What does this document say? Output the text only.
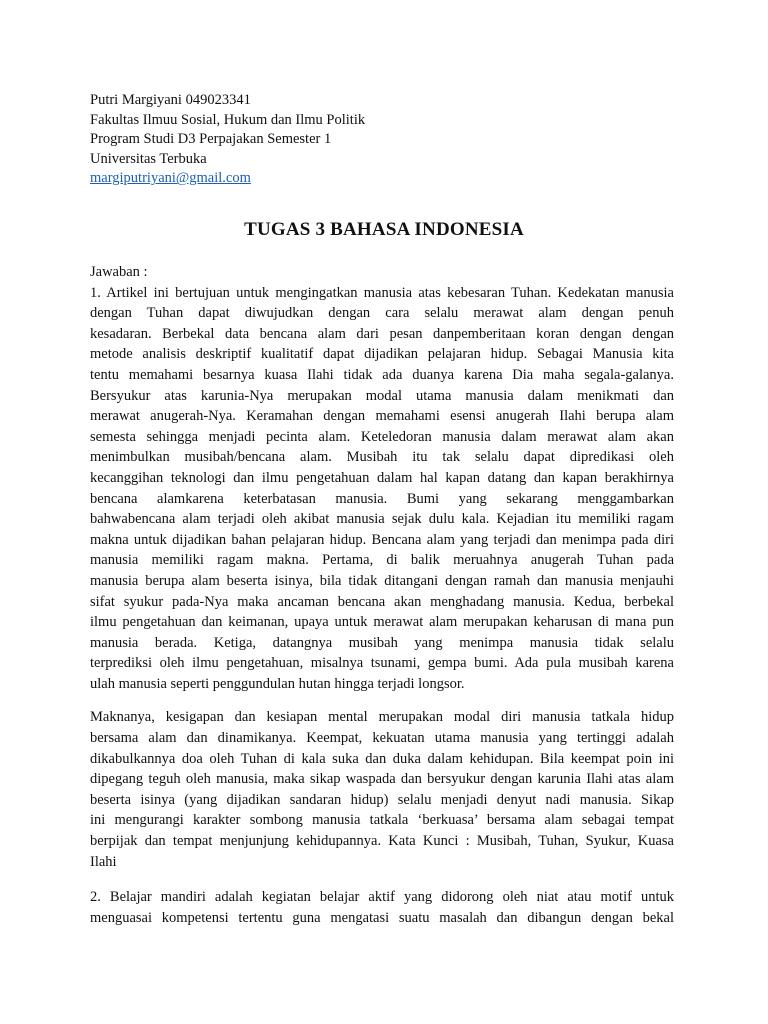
Putri Margiyani 049023341
Fakultas Ilmuu Sosial, Hukum dan Ilmu Politik
Program Studi D3 Perpajakan Semester 1
Universitas Terbuka
margiputriyani@gmail.com
TUGAS 3 BAHASA INDONESIA
Jawaban :
1. Artikel ini bertujuan untuk mengingatkan manusia atas kebesaran Tuhan. Kedekatan manusia
dengan Tuhan dapat diwujudkan dengan cara selalu merawat alam dengan penuh
kesadaran. Berbekal data bencana alam dari pesan danpemberitaan koran dengan dengan
metode analisis deskriptif kualitatif dapat dijadikan pelajaran hidup. Sebagai Manusia kita
tentu memahami besarnya kuasa Ilahi tidak ada duanya karena Dia maha segala-galanya.
Bersyukur atas karunia-Nya merupakan modal utama manusia dalam menikmati dan
merawat anugerah-Nya. Keramahan dengan memahami esensi anugerah Ilahi berupa alam
semesta sehingga menjadi pecinta alam. Keteledoran manusia dalam merawat alam akan
menimbulkan musibah/bencana alam. Musibah itu tak selalu dapat dipredikasi oleh
kecanggihan teknologi dan ilmu pengetahuan dalam hal kapan datang dan kapan berakhirnya
bencana alamkarena keterbatasan manusia. Bumi yang sekarang menggambarkan
bahwabencana alam terjadi oleh akibat manusia sejak dulu kala. Kejadian itu memiliki ragam
makna untuk dijadikan bahan pelajaran hidup. Bencana alam yang terjadi dan menimpa pada diri
manusia memiliki ragam makna. Pertama, di balik meruahnya anugerah Tuhan pada
manusia berupa alam beserta isinya, bila tidak ditangani dengan ramah dan manusia menjauhi
sifat syukur pada-Nya maka ancaman bencana akan menghadang manusia. Kedua, berbekal
ilmu pengetahuan dan keimanan, upaya untuk merawat alam merupakan keharusan di mana pun
manusia berada. Ketiga, datangnya musibah yang menimpa manusia tidak selalu
terprediksi oleh ilmu pengetahuan, misalnya tsunami, gempa bumi. Ada pula musibah karena
ulah manusia seperti penggundulan hutan hingga terjadi longsor.
Maknanya, kesigapan dan kesiapan mental merupakan modal diri manusia tatkala hidup
bersama alam dan dinamikanya. Keempat, kekuatan utama manusia yang tertinggi adalah
dikabulkannya doa oleh Tuhan di kala suka dan duka dalam kehidupan. Bila keempat poin ini
dipegang teguh oleh manusia, maka sikap waspada dan bersyukur dengan karunia Ilahi atas alam
beserta isinya (yang dijadikan sandaran hidup) selalu menjadi denyut nadi manusia. Sikap
ini mengurangi karakter sombong manusia tatkala ‘berkuasa’ bersama alam sebagai tempat
berpijak dan tempat menjunjung kehidupannya. Kata Kunci : Musibah, Tuhan, Syukur, Kuasa
Ilahi
2. Belajar mandiri adalah kegiatan belajar aktif yang didorong oleh niat atau motif untuk
menguasai kompetensi tertentu guna mengatasi suatu masalah dan dibangun dengan bekal
